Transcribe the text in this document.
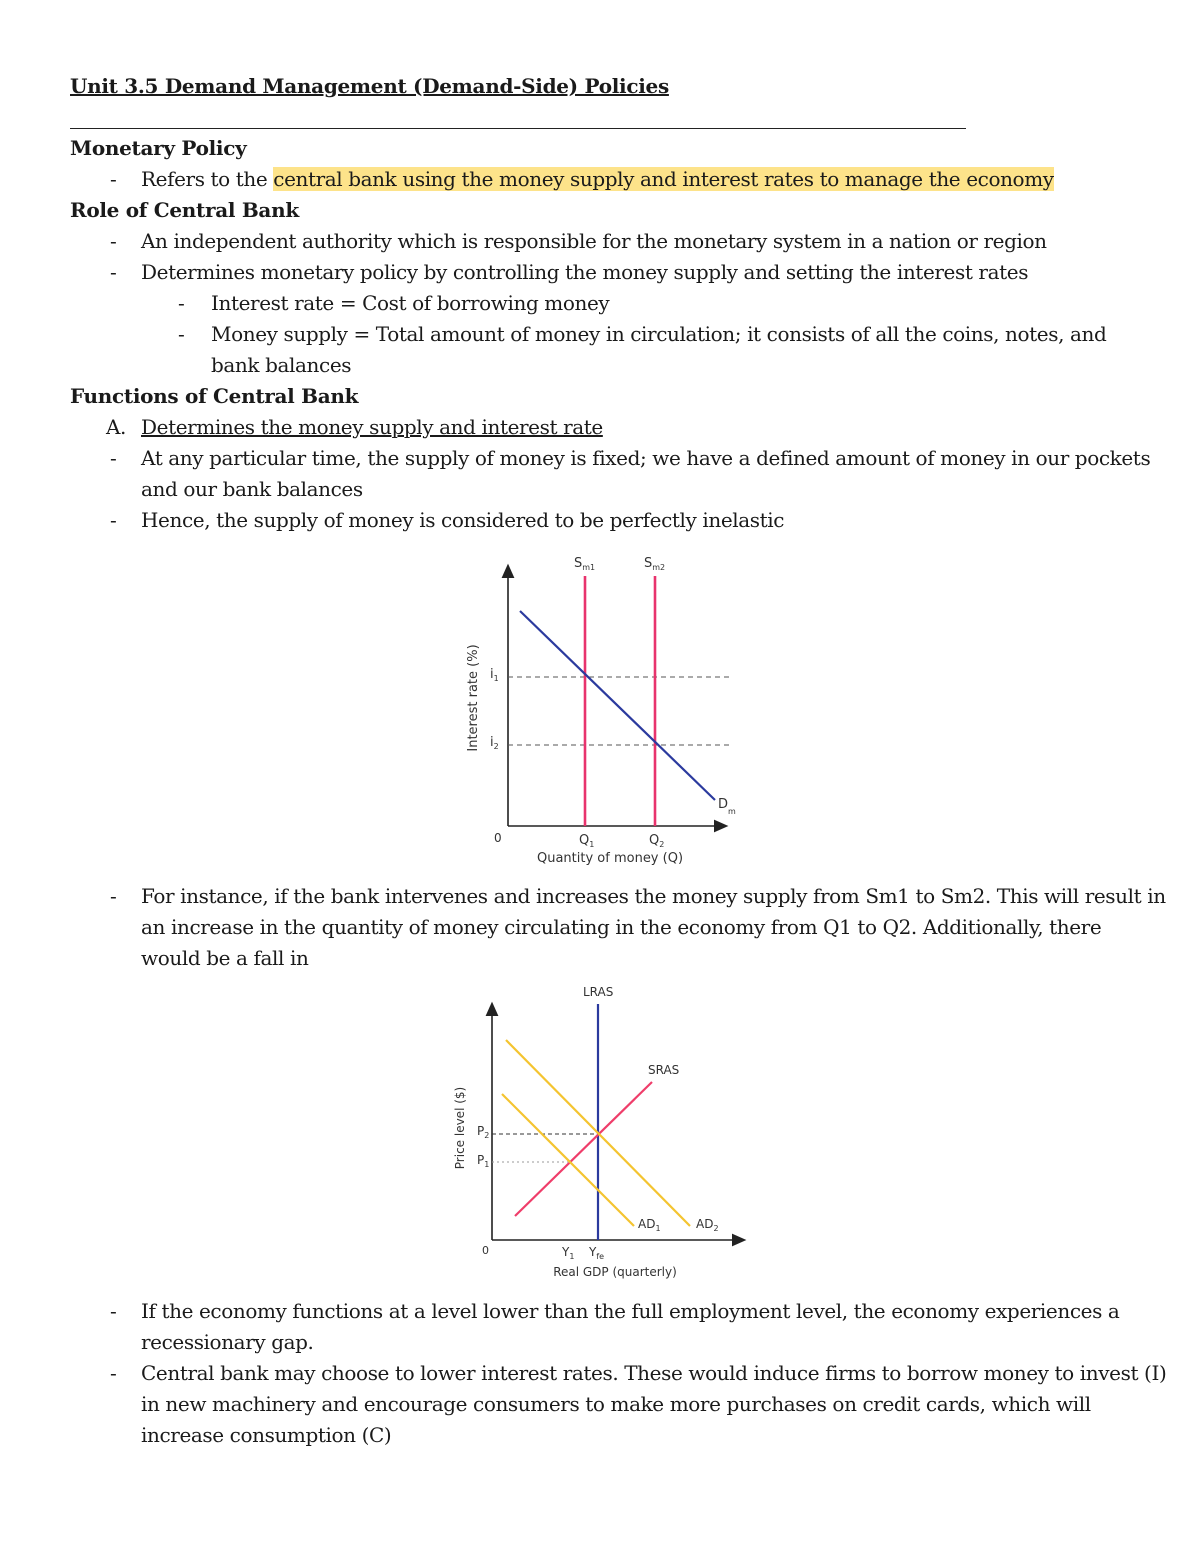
Unit 3.5 Demand Management (Demand-Side) Policies
Monetary Policy
- Refers to the central bank using the money supply and interest rates to manage the economy
Role of Central Bank
- An independent authority which is responsible for the monetary system in a nation or region
- Determines monetary policy by controlling the money supply and setting the interest rates
- Interest rate = Cost of borrowing money
- Money supply = Total amount of money in circulation; it consists of all the coins, notes, and
bank balances
Functions of Central Bank
A. Determines the money supply and interest rate
- At any particular time, the supply of money is fixed; we have a defined amount of money in our pockets
and our bank balances
- Hence, the supply of money is considered to be perfectly inelastic
$S_{m1}$	$S_{m2}$
$D_m$
$i_1$
$i_2$
$Q_1$	$Q_2$
0
Quantity of money (Q)
Interest rate (%)
- For instance, if the bank intervenes and increases the money supply from Sm1 to Sm2. This will result in
an increase in the quantity of money circulating in the economy from Q1 to Q2. Additionally, there
would be a fall in
LRAS
SRAS
$AD_1$	$AD_2$
$P_2$
$P_1$
$Y_1$ $Y_{fe}$
0
Real GDP (quarterly)
Price level ($)
- If the economy functions at a level lower than the full employment level, the economy experiences a
recessionary gap.
- Central bank may choose to lower interest rates. These would induce firms to borrow money to invest (I)
in new machinery and encourage consumers to make more purchases on credit cards, which will
increase consumption (C)
